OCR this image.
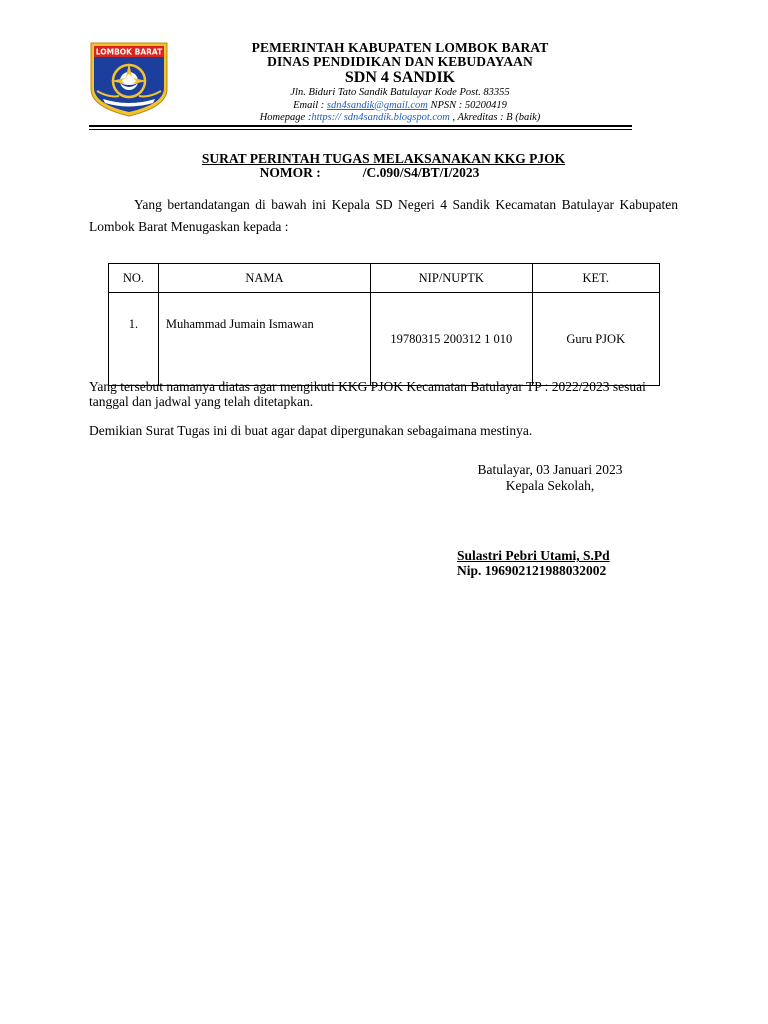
LOMBOK BARAT	PEMERINTAH KABUPATEN LOMBOK BARAT
DINAS PENDIDIKAN DAN KEBUDAYAAN
SDN 4 SANDIK
Jln. Biduri Tato Sandik Batulayar Kode Post. 83355
Email : sdn4sandik@gmail.com NPSN : 50200419
Homepage :https:// sdn4sandik.blogspot.com , Akreditas : B (baik)
SURAT PERINTAH TUGAS MELAKSANAKAN KKG PJOK
NOMOR :	/C.090/S4/BT/I/2023
Yang bertandatangan di bawah ini Kepala SD Negeri 4 Sandik Kecamatan Batulayar Kabupaten Lombok Barat Menugaskan kepada :
NO.	NAMA	NIP/NUPTK	KET.
1.	Muhammad Jumain Ismawan	19780315 200312 1 010	Guru PJOK
Yang tersebut namanya diatas agar mengikuti KKG PJOK Kecamatan Batulayar TP : 2022/2023 sesuai tanggal dan jadwal yang telah ditetapkan.
Demikian Surat Tugas ini di buat agar dapat dipergunakan sebagaimana mestinya.
Batulayar, 03 Januari 2023
Kepala Sekolah,
Sulastri Pebri Utami, S.Pd
Nip. 196902121988032002
